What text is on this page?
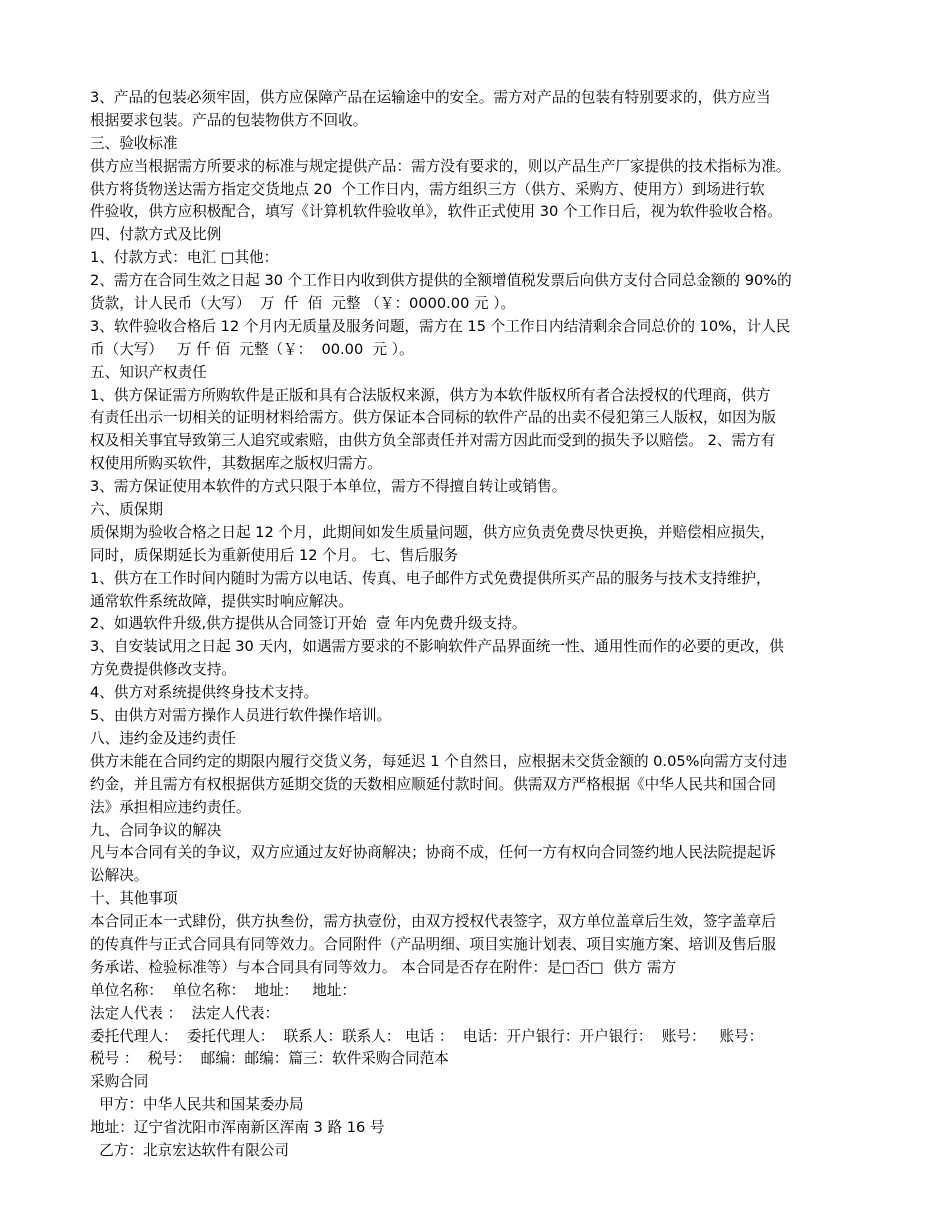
3、产品的包装必须牢固，供方应保障产品在运输途中的安全。需方对产品的包装有特别要求的，供方应当
根据要求包装。产品的包装物供方不回收。
三、验收标准
供方应当根据需方所要求的标准与规定提供产品：需方没有要求的，则以产品生产厂家提供的技术指标为准。
供方将货物送达需方指定交货地点 20  个工作日内，需方组织三方（供方、采购方、使用方）到场进行软
件验收，供方应积极配合，填写《计算机软件验收单》，软件正式使用 30 个工作日后，视为软件验收合格。
四、付款方式及比例
1、付款方式：电汇 □其他：
2、需方在合同生效之日起 30 个工作日内收到供方提供的全额增值税发票后向供方支付合同总金额的 90%的
货款，计人民币（大写）  万  仟  佰  元整 （￥：0000.00 元 ）。
3、软件验收合格后 12 个月内无质量及服务问题，需方在 15 个工作日内结清剩余合同总价的 10%，计人民
币（大写）   万 仟 佰  元整（￥：  00.00  元 ）。
五、知识产权责任
1、供方保证需方所购软件是正版和具有合法版权来源，供方为本软件版权所有者合法授权的代理商，供方
有责任出示一切相关的证明材料给需方。供方保证本合同标的软件产品的出卖不侵犯第三人版权，如因为版
权及相关事宜导致第三人追究或索赔，由供方负全部责任并对需方因此而受到的损失予以赔偿。 2、需方有
权使用所购买软件，其数据库之版权归需方。
3、需方保证使用本软件的方式只限于本单位，需方不得擅自转让或销售。
六、质保期
质保期为验收合格之日起 12 个月，此期间如发生质量问题，供方应负责免费尽快更换，并赔偿相应损失，
同时，质保期延长为重新使用后 12 个月。 七、售后服务
1、供方在工作时间内随时为需方以电话、传真、电子邮件方式免费提供所买产品的服务与技术支持维护，
通常软件系统故障，提供实时响应解决。
2、如遇软件升级,供方提供从合同签订开始  壹 年内免费升级支持。
3、自安装试用之日起 30 天内，如遇需方要求的不影响软件产品界面统一性、通用性而作的必要的更改，供
方免费提供修改支持。
4、供方对系统提供终身技术支持。
5、由供方对需方操作人员进行软件操作培训。
八、违约金及违约责任
供方未能在合同约定的期限内履行交货义务，每延迟 1 个自然日，应根据未交货金额的 0.05%向需方支付违
约金，并且需方有权根据供方延期交货的天数相应顺延付款时间。供需双方严格根据《中华人民共和国合同
法》承担相应违约责任。
九、合同争议的解决
凡与本合同有关的争议，双方应通过友好协商解决；协商不成，任何一方有权向合同签约地人民法院提起诉
讼解决。
十、其他事项
本合同正本一式肆份，供方执叁份，需方执壹份，由双方授权代表签字，双方单位盖章后生效，签字盖章后
的传真件与正式合同具有同等效力。合同附件（产品明细、项目实施计划表、项目实施方案、培训及售后服
务承诺、检验标准等）与本合同具有同等效力。 本合同是否存在附件：是□否□  供方 需方
单位名称：  单位名称：  地址：   地址：
法定人代表 ：  法定人代表：
委托代理人：  委托代理人：  联系人：联系人： 电话 ：  电话：开户银行：开户银行：  账号：   账号：
税号 ：  税号：  邮编：邮编：篇三：软件采购合同范本
采购合同
甲方：中华人民共和国某委办局
地址：辽宁省沈阳市浑南新区浑南 3 路 16 号
乙方：北京宏达软件有限公司
